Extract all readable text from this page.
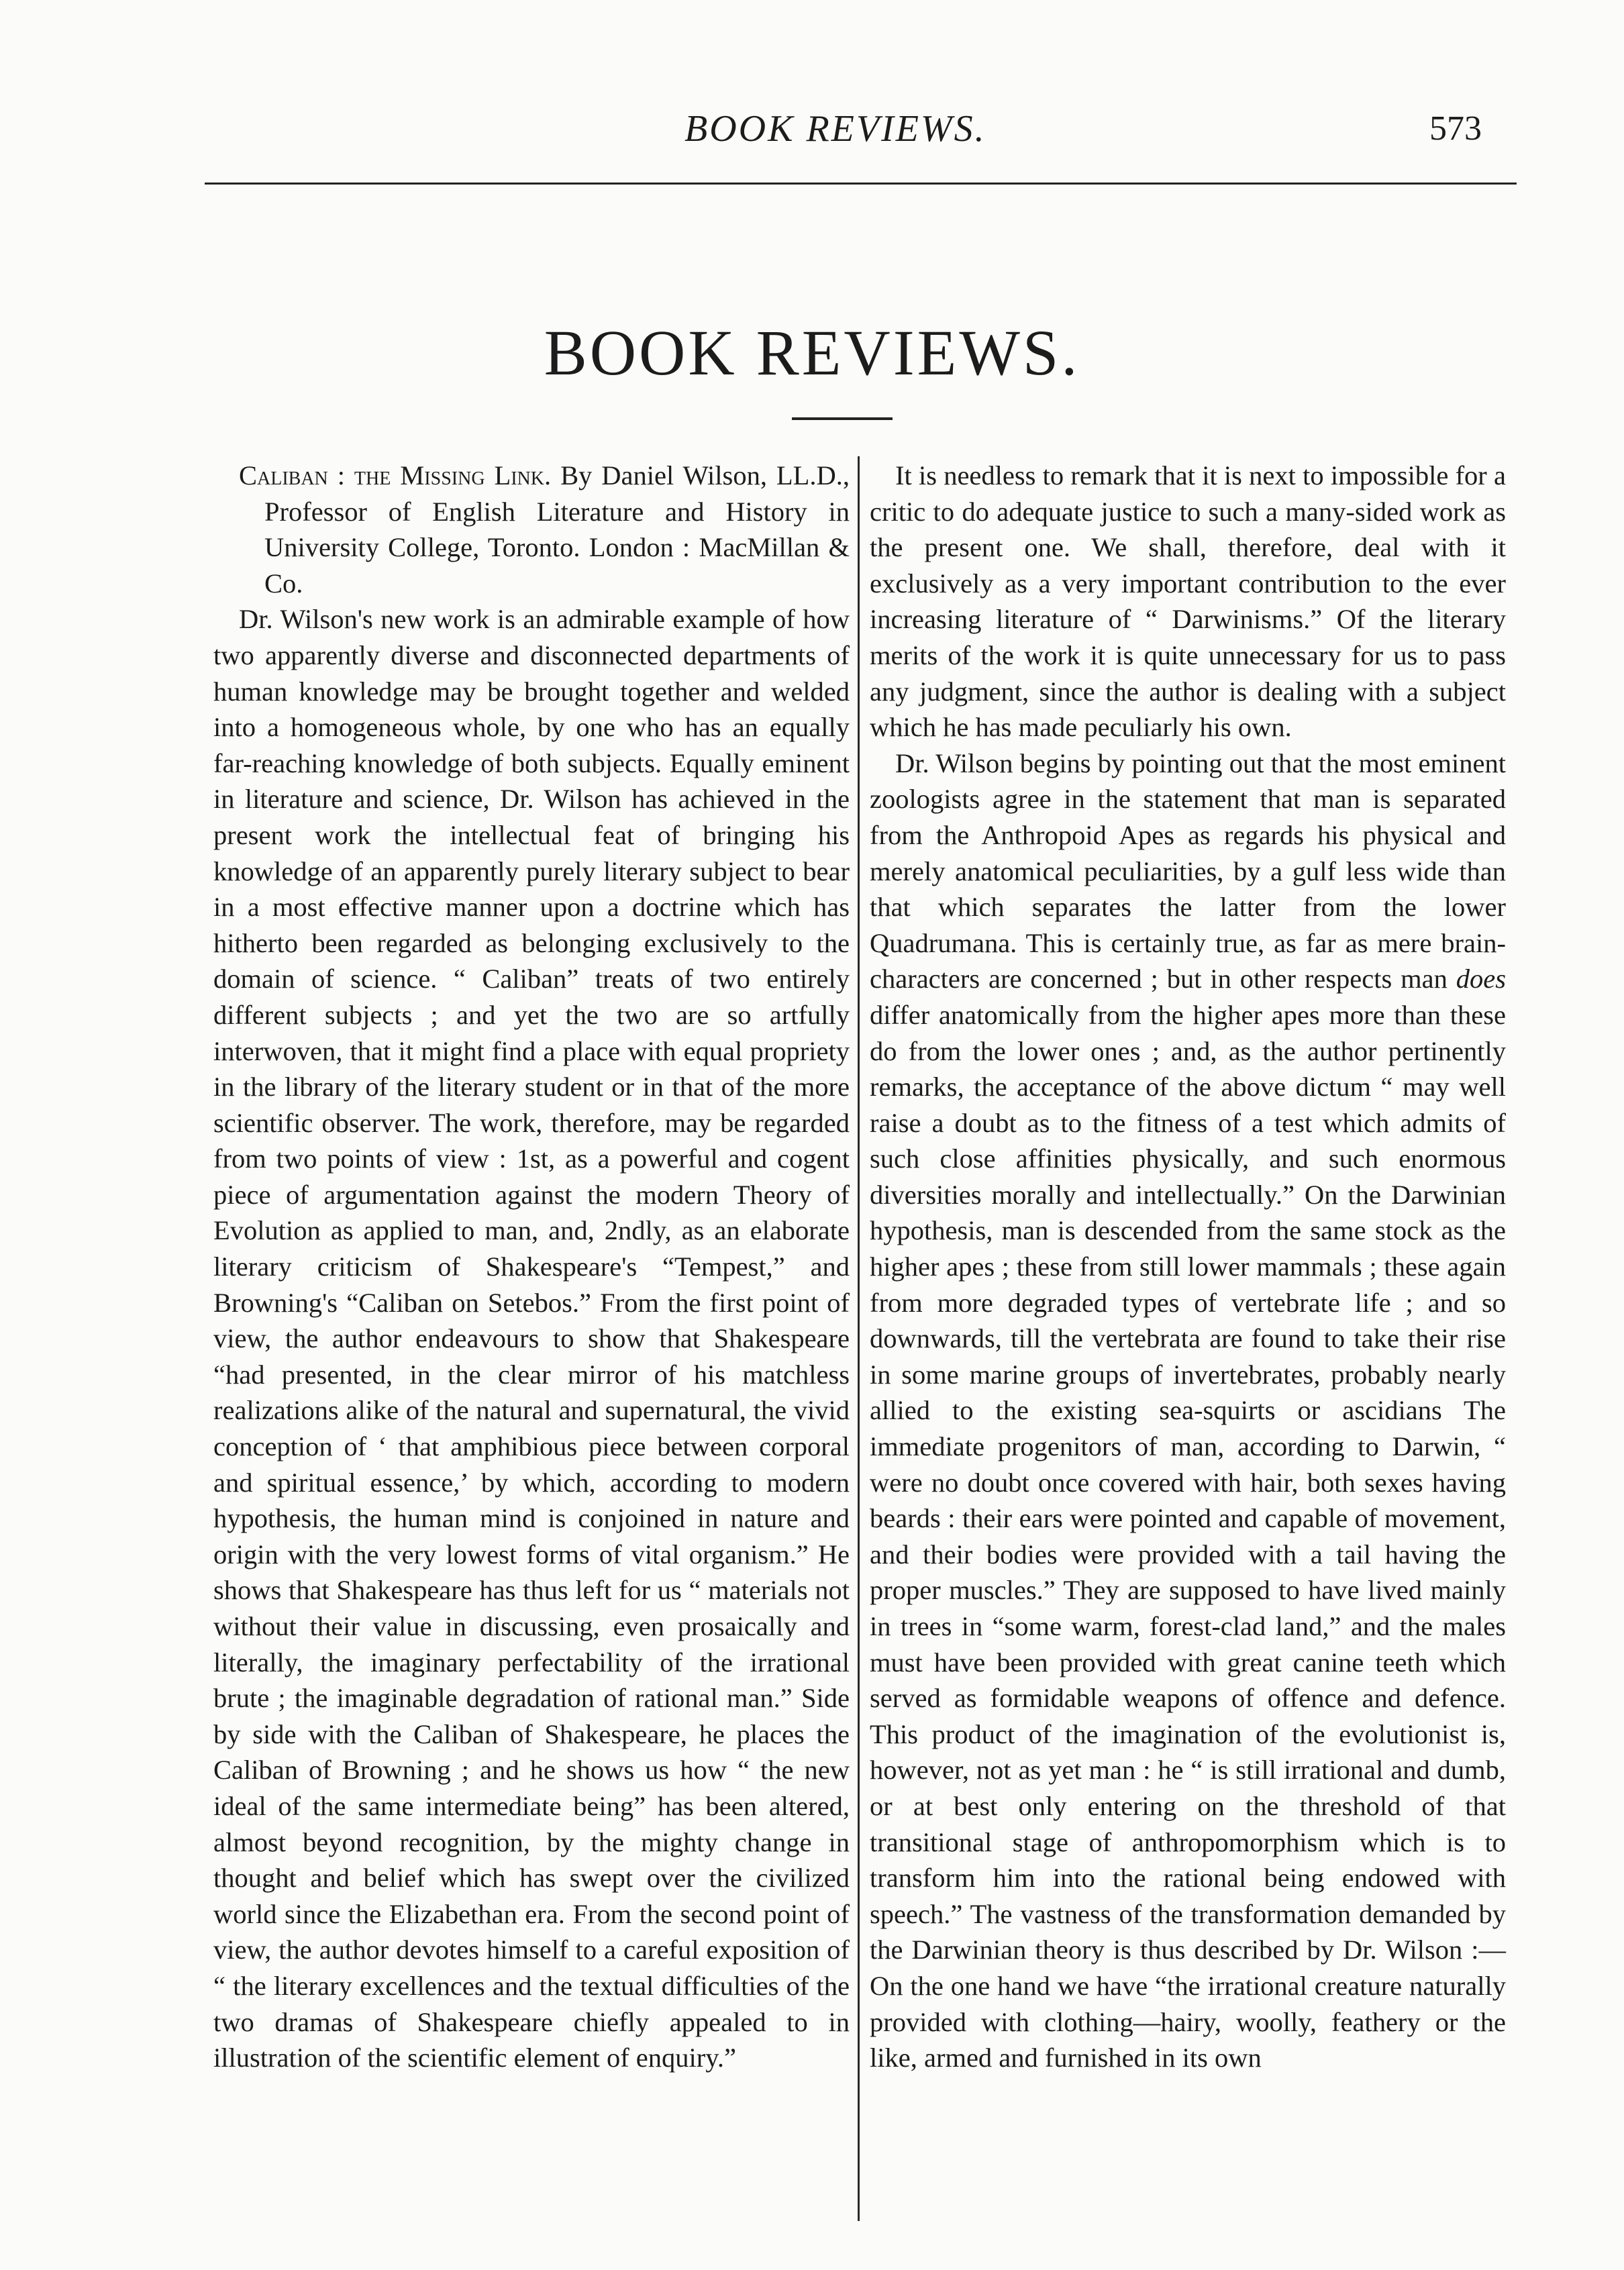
BOOK REVIEWS.	573
BOOK REVIEWS.

Caliban : the Missing Link. By Daniel Wilson, LL.D., Professor of English Literature and History in University College, Toronto. London : MacMillan & Co.

Dr. Wilson's new work is an admirable example of how two apparently diverse and disconnected departments of human knowledge may be brought together and welded into a homogeneous whole, by one who has an equally far-reaching knowledge of both subjects. Equally eminent in literature and science, Dr. Wilson has achieved in the present work the intellectual feat of bringing his knowledge of an apparently purely literary subject to bear in a most effective manner upon a doctrine which has hitherto been regarded as belonging exclusively to the domain of science. “ Caliban” treats of two entirely different subjects ; and yet the two are so artfully interwoven, that it might find a place with equal propriety in the library of the literary student or in that of the more scientific observer. The work, therefore, may be regarded from two points of view : 1st, as a powerful and cogent piece of argumentation against the modern Theory of Evolution as applied to man, and, 2ndly, as an elaborate literary criticism of Shakespeare's “Tempest,” and Browning's “Caliban on Setebos.” From the first point of view, the author endeavours to show that Shakespeare “had presented, in the clear mirror of his matchless realizations alike of the natural and supernatural, the vivid conception of ‘ that amphibious piece between corporal and spiritual essence,’ by which, according to modern hypothesis, the human mind is conjoined in nature and origin with the very lowest forms of vital organism.” He shows that Shakespeare has thus left for us “ materials not without their value in discussing, even prosaically and literally, the imaginary perfectability of the irrational brute ; the imaginable degradation of rational man.” Side by side with the Caliban of Shakespeare, he places the Caliban of Browning ; and he shows us how “ the new ideal of the same intermediate being” has been altered, almost beyond recognition, by the mighty change in thought and belief which has swept over the civilized world since the Elizabethan era. From the second point of view, the author devotes himself to a careful exposition of “ the literary excellences and the textual difficulties of the two dramas of Shakespeare chiefly appealed to in illustration of the scientific element of enquiry.”

It is needless to remark that it is next to impossible for a critic to do adequate justice to such a many-sided work as the present one. We shall, therefore, deal with it exclusively as a very important contribution to the ever increasing literature of “ Darwinisms.” Of the literary merits of the work it is quite unnecessary for us to pass any judgment, since the author is dealing with a subject which he has made peculiarly his own.

Dr. Wilson begins by pointing out that the most eminent zoologists agree in the statement that man is separated from the Anthropoid Apes as regards his physical and merely anatomical peculiarities, by a gulf less wide than that which separates the latter from the lower Quadrumana. This is certainly true, as far as mere brain-characters are concerned ; but in other respects man does differ anatomically from the higher apes more than these do from the lower ones ; and, as the author pertinently remarks, the acceptance of the above dictum “ may well raise a doubt as to the fitness of a test which admits of such close affinities physically, and such enormous diversities morally and intellectually.” On the Darwinian hypothesis, man is descended from the same stock as the higher apes ; these from still lower mammals ; these again from more degraded types of vertebrate life ; and so downwards, till the vertebrata are found to take their rise in some marine groups of invertebrates, probably nearly allied to the existing sea-squirts or ascidians The immediate progenitors of man, according to Darwin, “ were no doubt once covered with hair, both sexes having beards : their ears were pointed and capable of movement, and their bodies were provided with a tail having the proper muscles.” They are supposed to have lived mainly in trees in “some warm, forest-clad land,” and the males must have been provided with great canine teeth which served as formidable weapons of offence and defence. This product of the imagination of the evolutionist is, however, not as yet man : he “ is still irrational and dumb, or at best only entering on the threshold of that transitional stage of anthropomorphism which is to transform him into the rational being endowed with speech.” The vastness of the transformation demanded by the Darwinian theory is thus described by Dr. Wilson :— On the one hand we have “the irrational creature naturally provided with clothing—hairy, woolly, feathery or the like, armed and furnished in its own
